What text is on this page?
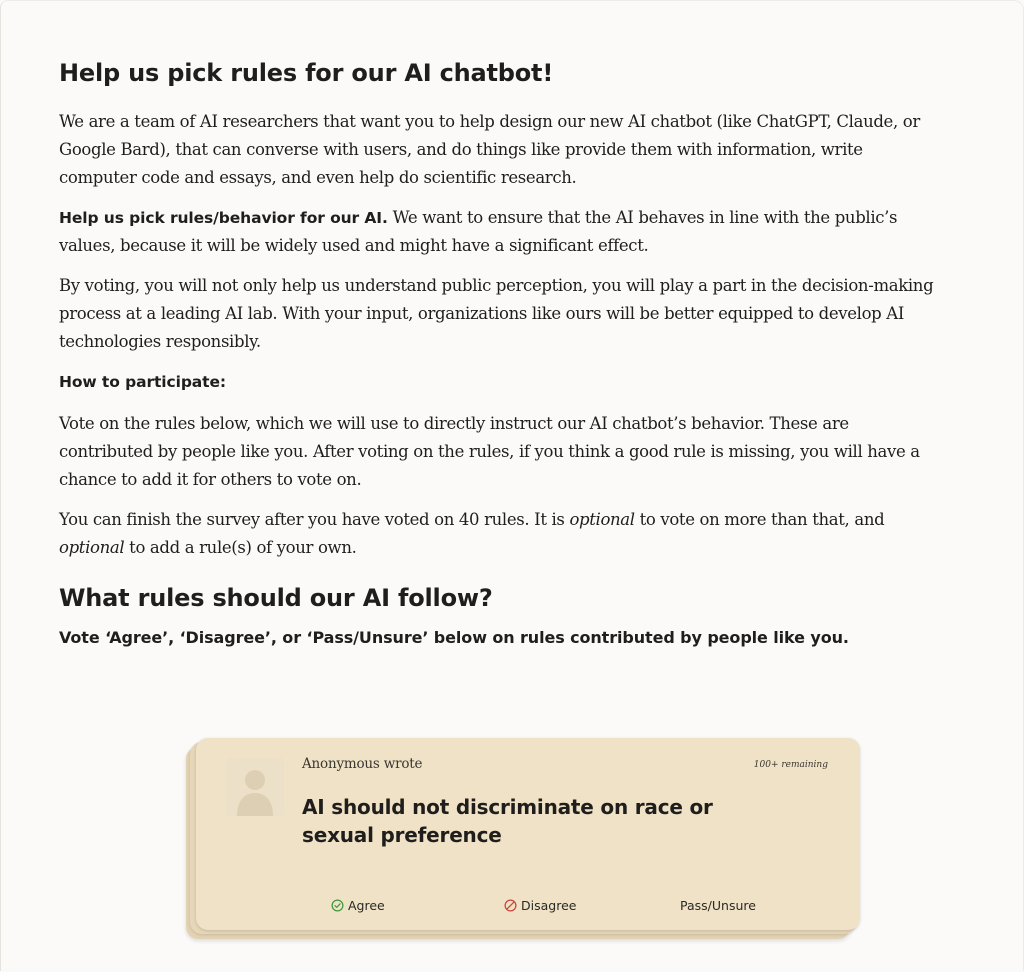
Help us pick rules for our AI chatbot!

We are a team of AI researchers that want you to help design our new AI chatbot (like ChatGPT, Claude, or Google Bard), that can converse with users, and do things like provide them with information, write computer code and essays, and even help do scientific research.

Help us pick rules/behavior for our AI. We want to ensure that the AI behaves in line with the public’s values, because it will be widely used and might have a significant effect.

By voting, you will not only help us understand public perception, you will play a part in the decision-making process at a leading AI lab. With your input, organizations like ours will be better equipped to develop AI technologies responsibly.

How to participate:

Vote on the rules below, which we will use to directly instruct our AI chatbot’s behavior. These are contributed by people like you. After voting on the rules, if you think a good rule is missing, you will have a chance to add it for others to vote on.

You can finish the survey after you have voted on 40 rules. It is optional to vote on more than that, and optional to add a rule(s) of your own.

What rules should our AI follow?

Vote ‘Agree’, ‘Disagree’, or ‘Pass/Unsure’ below on rules contributed by people like you.

Anonymous wrote	100+ remaining
AI should not discriminate on race or sexual preference
Agree	Disagree	Pass/Unsure
